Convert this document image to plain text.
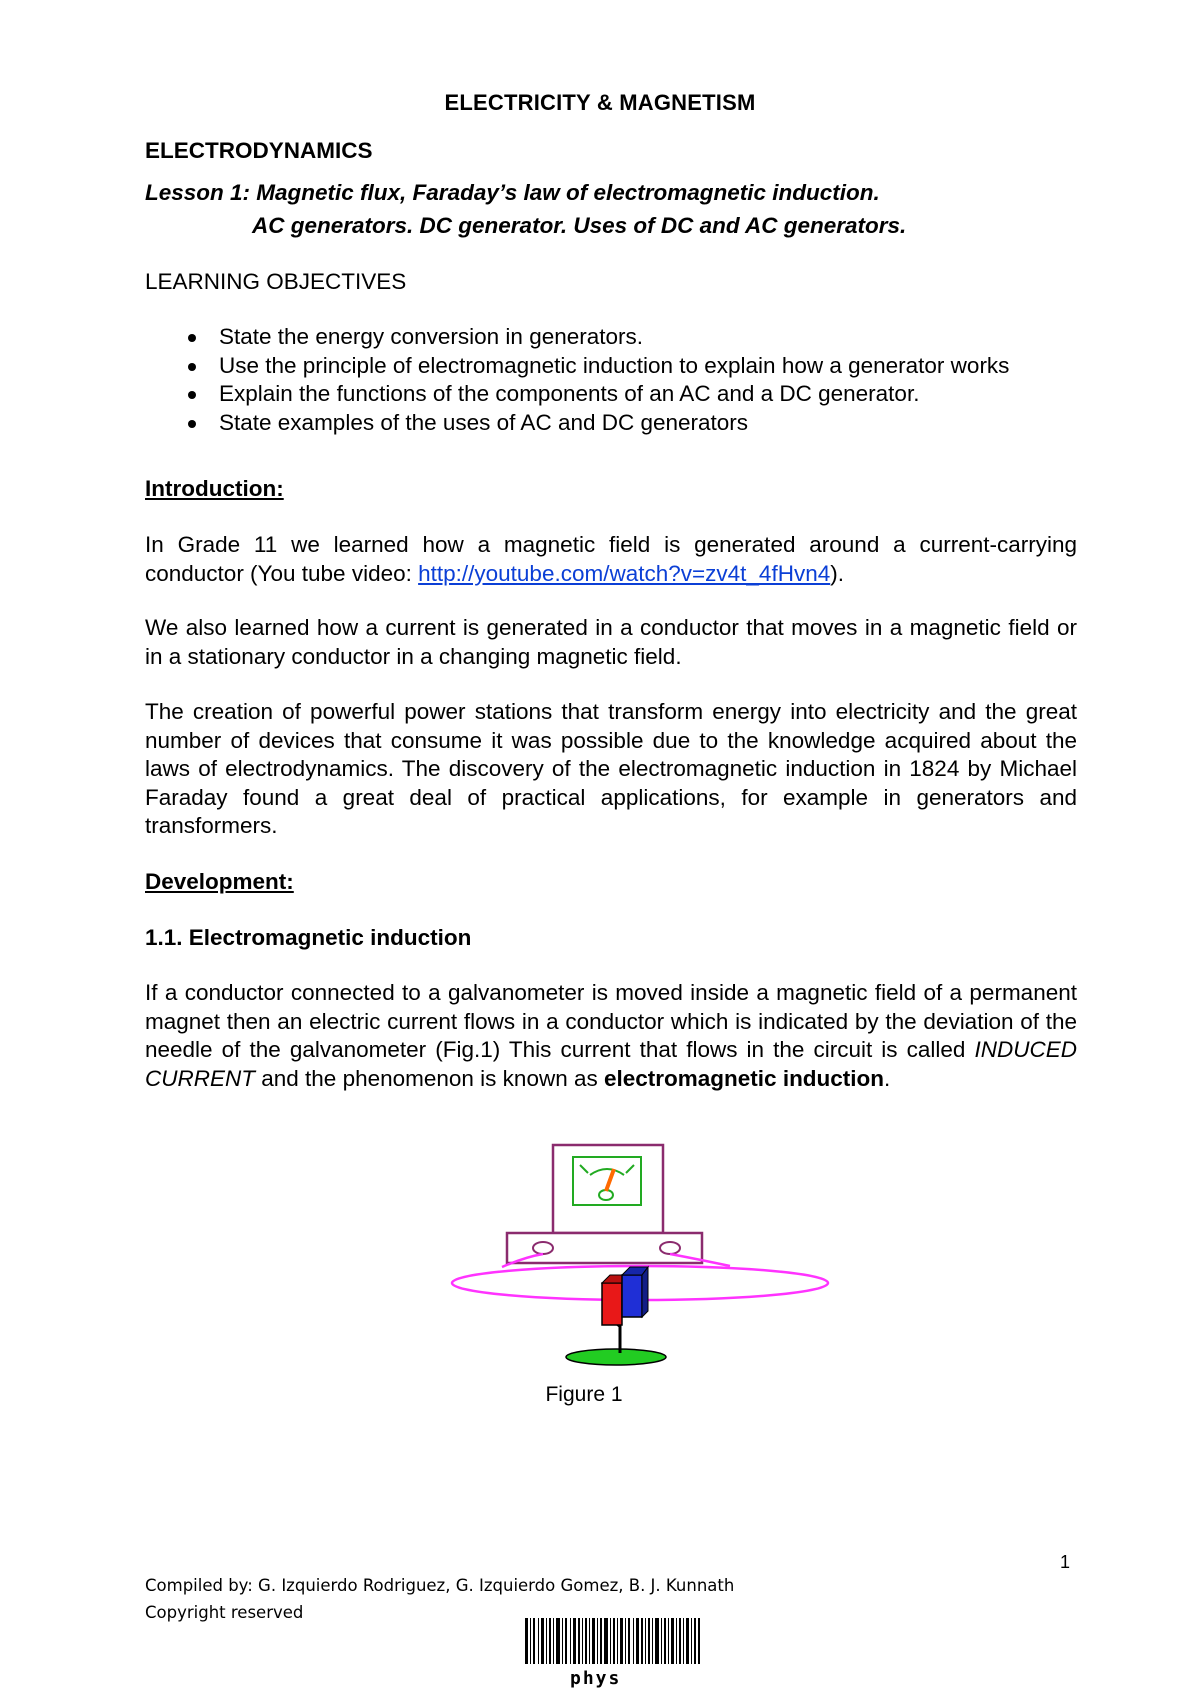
ELECTRICITY & MAGNETISM
ELECTRODYNAMICS
Lesson 1: Magnetic flux, Faraday’s law of electromagnetic induction.
AC generators. DC generator. Uses of DC and AC generators.
LEARNING OBJECTIVES
State the energy conversion in generators.
Use the principle of electromagnetic induction to explain how a generator works
Explain the functions of the components of an AC and a DC generator.
State examples of the uses of AC and DC generators
Introduction:
In Grade 11 we learned how a magnetic field is generated around a current-carrying conductor (You tube video: http://youtube.com/watch?v=zv4t_4fHvn4).
We also learned how a current is generated in a conductor that moves in a magnetic field or in a stationary conductor in a changing magnetic field.
The creation of powerful power stations that transform energy into electricity and the great number of devices that consume it was possible due to the knowledge acquired about the laws of electrodynamics. The discovery of the electromagnetic induction in 1824 by Michael Faraday found a great deal of practical applications, for example in generators and transformers.
Development:
1.1. Electromagnetic induction
If a conductor connected to a galvanometer is moved inside a magnetic field of a permanent magnet then an electric current flows in a conductor which is indicated by the deviation of the needle of the galvanometer (Fig.1) This current that flows in the circuit is called INDUCED CURRENT and the phenomenon is known as electromagnetic induction.
Figure 1
1
Compiled by: G. Izquierdo Rodriguez, G. Izquierdo Gomez, B. J. Kunnath
Copyright reserved
phys
